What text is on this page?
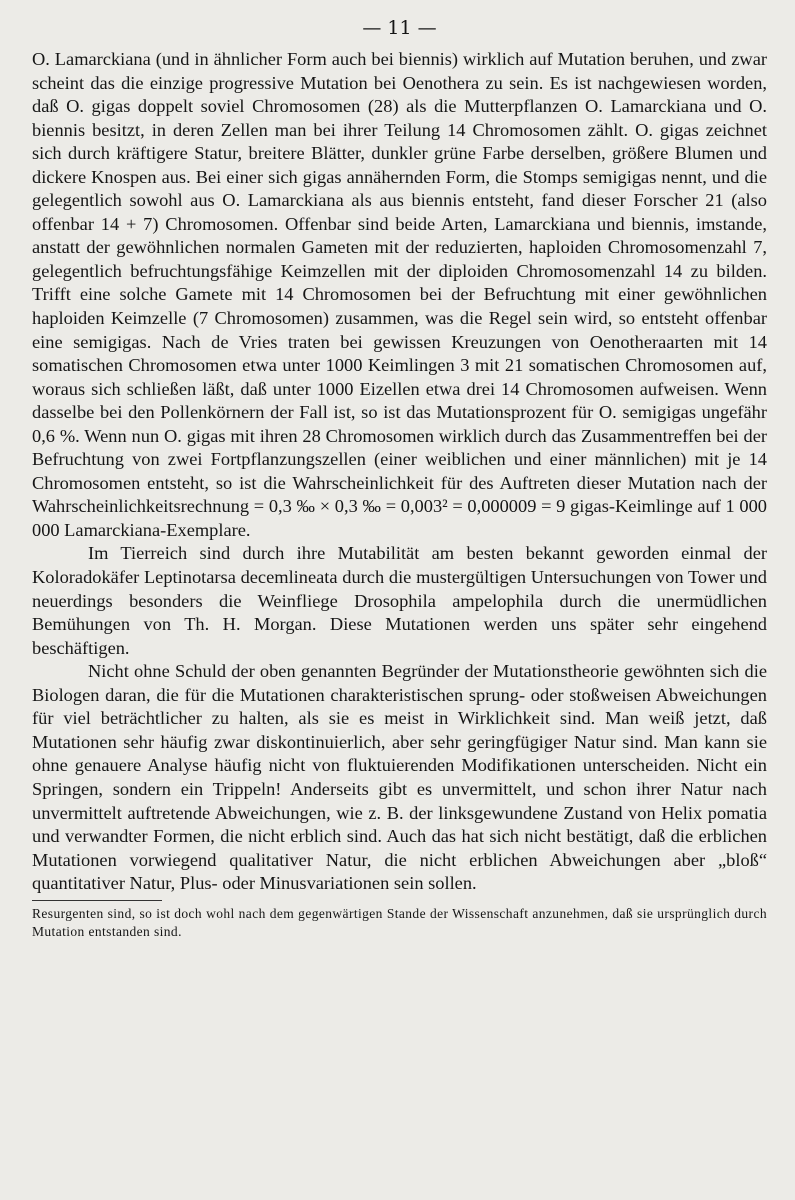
— 11 —

O. Lamarckiana (und in ähnlicher Form auch bei biennis) wirklich auf Mutation beruhen, und zwar scheint das die einzige progressive Mutation bei Oenothera zu sein. Es ist nachgewiesen worden, daß O. gigas doppelt soviel Chromosomen (28) als die Mutterpflanzen O. Lamarckiana und O. biennis besitzt, in deren Zellen man bei ihrer Teilung 14 Chromosomen zählt. O. gigas zeichnet sich durch kräftigere Statur, breitere Blätter, dunkler grüne Farbe derselben, größere Blumen und dickere Knospen aus. Bei einer sich gigas annähernden Form, die Stomps semigigas nennt, und die gelegentlich sowohl aus O. Lamarckiana als aus biennis entsteht, fand dieser Forscher 21 (also offenbar 14 + 7) Chromosomen. Offenbar sind beide Arten, Lamarckiana und biennis, imstande, anstatt der gewöhnlichen normalen Gameten mit der reduzierten, haploiden Chromosomenzahl 7, gelegentlich befruchtungsfähige Keimzellen mit der diploiden Chromosomenzahl 14 zu bilden. Trifft eine solche Gamete mit 14 Chromosomen bei der Befruchtung mit einer gewöhnlichen haploiden Keimzelle (7 Chromosomen) zusammen, was die Regel sein wird, so entsteht offenbar eine semigigas. Nach de Vries traten bei gewissen Kreuzungen von Oenotheraarten mit 14 somatischen Chromosomen etwa unter 1000 Keimlingen 3 mit 21 somatischen Chromosomen auf, woraus sich schließen läßt, daß unter 1000 Eizellen etwa drei 14 Chromosomen aufweisen. Wenn dasselbe bei den Pollenkörnern der Fall ist, so ist das Mutationsprozent für O. semigigas ungefähr 0,6 %. Wenn nun O. gigas mit ihren 28 Chromosomen wirklich durch das Zusammentreffen bei der Befruchtung von zwei Fortpflanzungszellen (einer weiblichen und einer männlichen) mit je 14 Chromosomen entsteht, so ist die Wahrscheinlichkeit für des Auftreten dieser Mutation nach der Wahrscheinlichkeitsrechnung = 0,3 ‰ × 0,3 ‰ = 0,003² = 0,000009 = 9 gigas-Keimlinge auf 1 000 000 Lamarckiana-Exemplare.

Im Tierreich sind durch ihre Mutabilität am besten bekannt geworden einmal der Koloradokäfer Leptinotarsa decemlineata durch die mustergültigen Untersuchungen von Tower und neuerdings besonders die Weinfliege Drosophila ampelophila durch die unermüdlichen Bemühungen von Th. H. Morgan. Diese Mutationen werden uns später sehr eingehend beschäftigen.

Nicht ohne Schuld der oben genannten Begründer der Mutationstheorie gewöhnten sich die Biologen daran, die für die Mutationen charakteristischen sprung- oder stoßweisen Abweichungen für viel beträchtlicher zu halten, als sie es meist in Wirklichkeit sind. Man weiß jetzt, daß Mutationen sehr häufig zwar diskontinuierlich, aber sehr geringfügiger Natur sind. Man kann sie ohne genauere Analyse häufig nicht von fluktuierenden Modifikationen unterscheiden. Nicht ein Springen, sondern ein Trippeln! Anderseits gibt es unvermittelt, und schon ihrer Natur nach unvermittelt auftretende Abweichungen, wie z. B. der linksgewundene Zustand von Helix pomatia und verwandter Formen, die nicht erblich sind. Auch das hat sich nicht bestätigt, daß die erblichen Mutationen vorwiegend qualitativer Natur, die nicht erblichen Abweichungen aber „bloß“ quantitativer Natur, Plus- oder Minusvariationen sein sollen.

Resurgenten sind, so ist doch wohl nach dem gegenwärtigen Stande der Wissenschaft anzunehmen, daß sie ursprünglich durch Mutation entstanden sind.
